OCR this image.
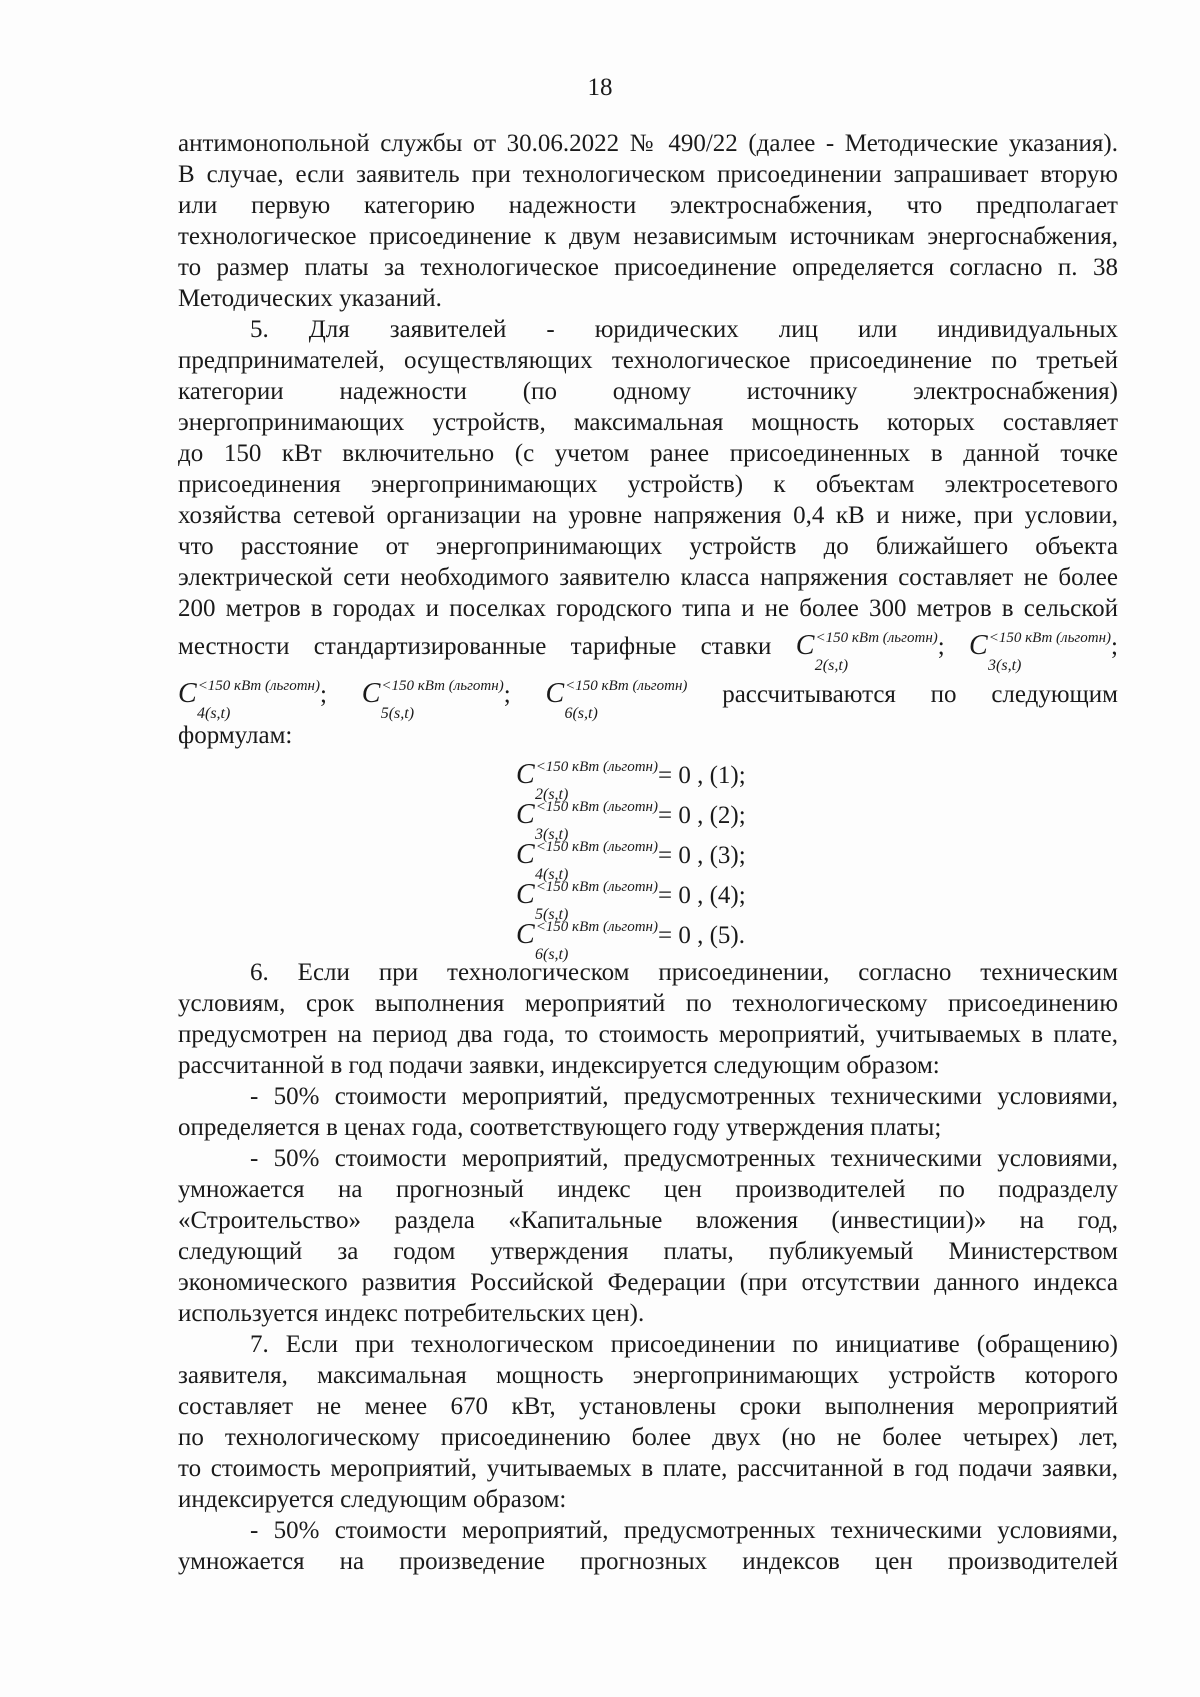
18
антимонопольной службы от 30.06.2022 № 490/22 (далее - Методические указания).
В случае, если заявитель при технологическом присоединении запрашивает вторую
или первую категорию надежности электроснабжения, что предполагает
технологическое присоединение к двум независимым источникам энергоснабжения,
то размер платы за технологическое присоединение определяется согласно п. 38
Методических указаний.
5. Для заявителей - юридических лиц или индивидуальных
предпринимателей, осуществляющих технологическое присоединение по третьей
категории надежности (по одному источнику электроснабжения)
энергопринимающих устройств, максимальная мощность которых составляет
до 150 кВт включительно (с учетом ранее присоединенных в данной точке
присоединения энергопринимающих устройств) к объектам электросетевого
хозяйства сетевой организации на уровне напряжения 0,4 кВ и ниже, при условии,
что расстояние от энергопринимающих устройств до ближайшего объекта
электрической сети необходимого заявителю класса напряжения составляет не более
200 метров в городах и поселках городского типа и не более 300 метров в сельской
местности стандартизированные тарифные ставки $C^{<150 кВт (льготн)}$
2(s,t)
; $C^{<150 кВт (льготн)}$
3(s,t)
;
$C^{<150 кВт (льготн)}$
4(s,t)
; $C^{<150 кВт (льготн)}$
5(s,t)
; $C^{<150 кВт (льготн)}$
6(s,t)
рассчитываются по следующим
формулам:
$C^{<150 кВт (льготн)}$
2(s,t)
= 0 , (1);
$C^{<150 кВт (льготн)}$
3(s,t)
= 0 , (2);
$C^{<150 кВт (льготн)}$
4(s,t)
= 0 , (3);
$C^{<150 кВт (льготн)}$
5(s,t)
= 0 , (4);
$C^{<150 кВт (льготн)}$
6(s,t)
= 0 , (5).
6. Если при технологическом присоединении, согласно техническим
условиям, срок выполнения мероприятий по технологическому присоединению
предусмотрен на период два года, то стоимость мероприятий, учитываемых в плате,
рассчитанной в год подачи заявки, индексируется следующим образом:
- 50% стоимости мероприятий, предусмотренных техническими условиями,
определяется в ценах года, соответствующего году утверждения платы;
- 50% стоимости мероприятий, предусмотренных техническими условиями,
умножается на прогнозный индекс цен производителей по подразделу
«Строительство» раздела «Капитальные вложения (инвестиции)» на год,
следующий за годом утверждения платы, публикуемый Министерством
экономического развития Российской Федерации (при отсутствии данного индекса
используется индекс потребительских цен).
7. Если при технологическом присоединении по инициативе (обращению)
заявителя, максимальная мощность энергопринимающих устройств которого
составляет не менее 670 кВт, установлены сроки выполнения мероприятий
по технологическому присоединению более двух (но не более четырех) лет,
то стоимость мероприятий, учитываемых в плате, рассчитанной в год подачи заявки,
индексируется следующим образом:
- 50% стоимости мероприятий, предусмотренных техническими условиями,
умножается на произведение прогнозных индексов цен производителей
